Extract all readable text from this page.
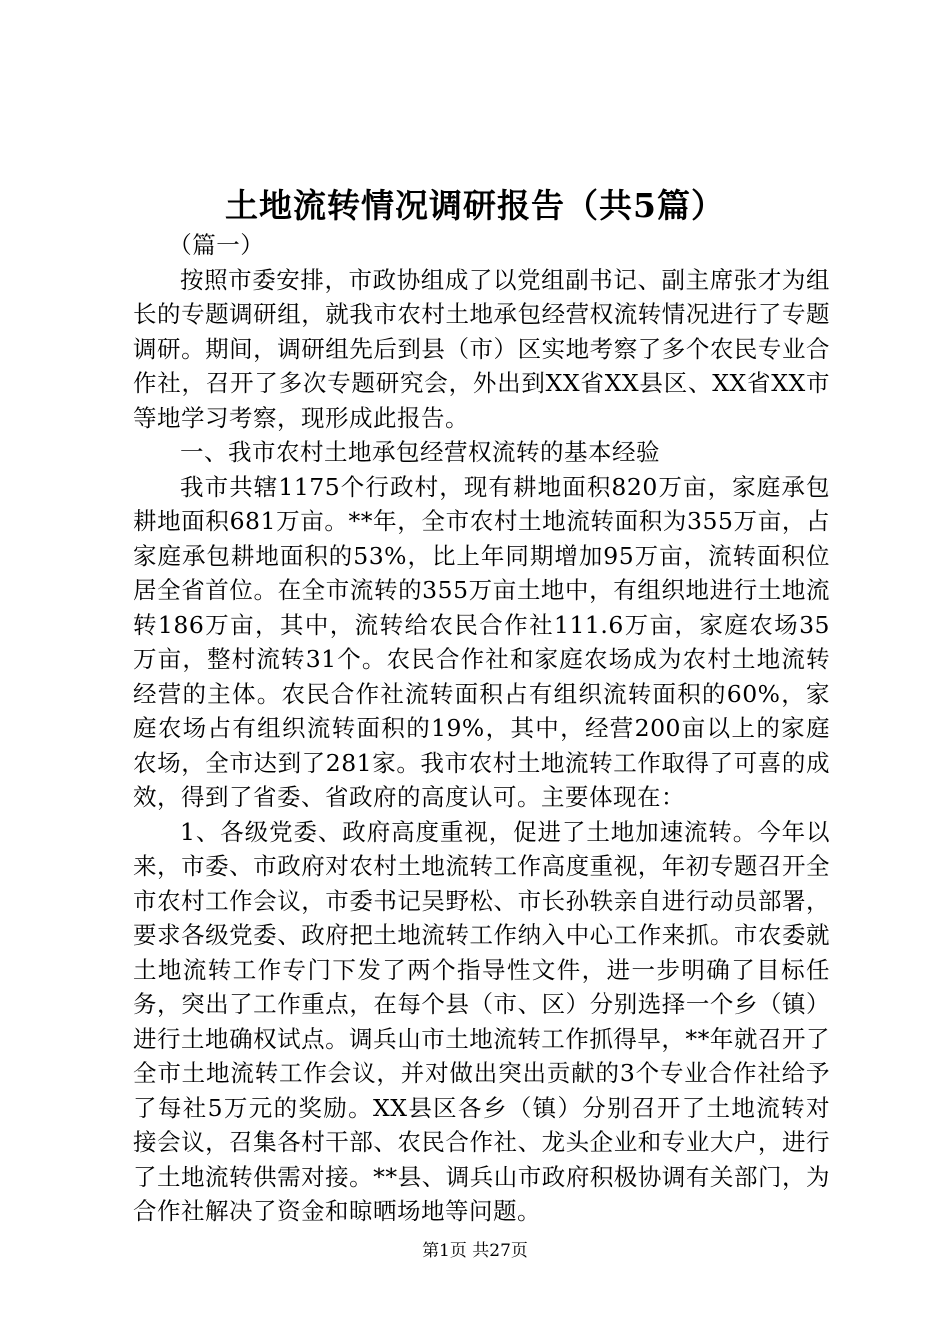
土地流转情况调研报告（共5篇）

（篇一）

按照市委安排，市政协组成了以党组副书记、副主席张才为组长的专题调研组，就我市农村土地承包经营权流转情况进行了专题调研。期间，调研组先后到县（市）区实地考察了多个农民专业合作社，召开了多次专题研究会，外出到XX省XX县区、XX省XX市等地学习考察，现形成此报告。

一、我市农村土地承包经营权流转的基本经验

我市共辖1175个行政村，现有耕地面积820万亩，家庭承包耕地面积681万亩。**年，全市农村土地流转面积为355万亩，占家庭承包耕地面积的53%，比上年同期增加95万亩，流转面积位居全省首位。在全市流转的355万亩土地中，有组织地进行土地流转186万亩，其中，流转给农民合作社111.6万亩，家庭农场35万亩，整村流转31个。农民合作社和家庭农场成为农村土地流转经营的主体。农民合作社流转面积占有组织流转面积的60%，家庭农场占有组织流转面积的19%，其中，经营200亩以上的家庭农场，全市达到了281家。我市农村土地流转工作取得了可喜的成效，得到了省委、省政府的高度认可。主要体现在：

1、各级党委、政府高度重视，促进了土地加速流转。今年以来，市委、市政府对农村土地流转工作高度重视，年初专题召开全市农村工作会议，市委书记吴野松、市长孙轶亲自进行动员部署，要求各级党委、政府把土地流转工作纳入中心工作来抓。市农委就土地流转工作专门下发了两个指导性文件，进一步明确了目标任务，突出了工作重点，在每个县（市、区）分别选择一个乡（镇）进行土地确权试点。调兵山市土地流转工作抓得早，**年就召开了全市土地流转工作会议，并对做出突出贡献的3个专业合作社给予了每社5万元的奖励。XX县区各乡（镇）分别召开了土地流转对接会议，召集各村干部、农民合作社、龙头企业和专业大户，进行了土地流转供需对接。**县、调兵山市政府积极协调有关部门，为合作社解决了资金和晾晒场地等问题。

第1页 共27页
